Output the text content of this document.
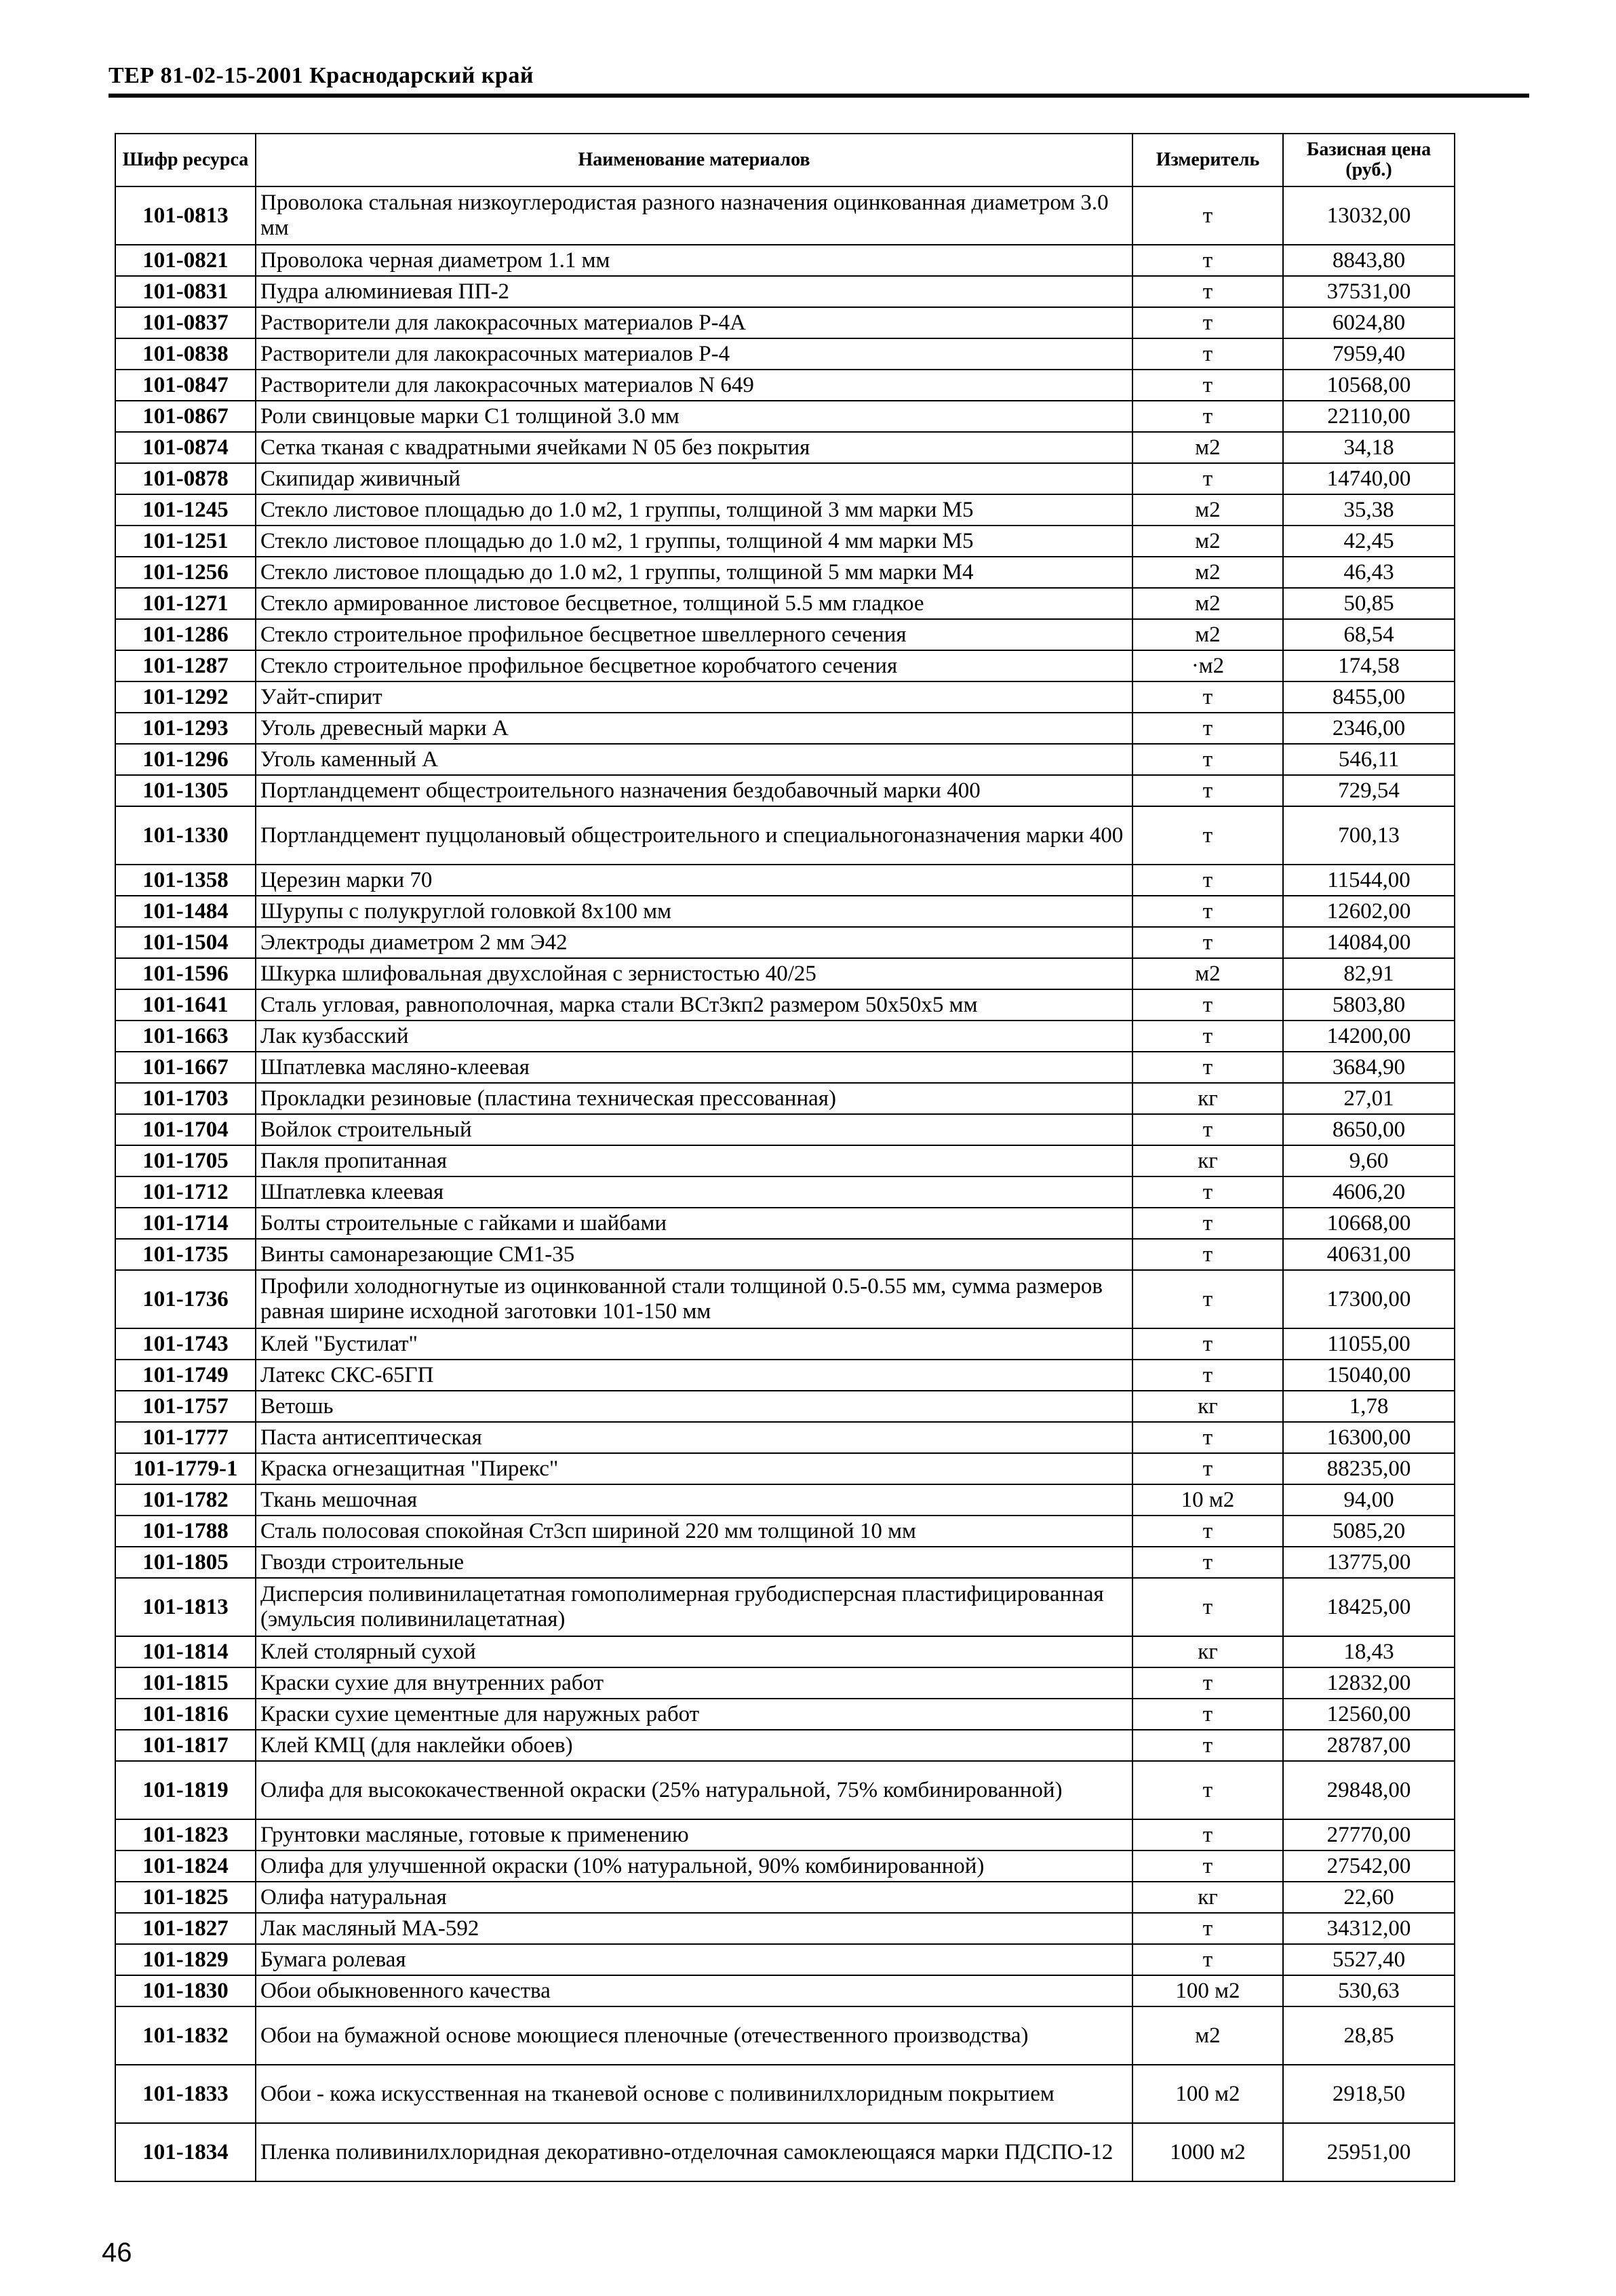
ТЕР 81-02-15-2001 Краснодарский край
Шифр ресурса	Наименование материалов	Измеритель	Базисная цена (руб.)
101-0813	Проволока стальная низкоуглеродистая разного назначения оцинкованная диаметром 3.0 мм	т	13032,00
101-0821	Проволока черная диаметром 1.1 мм	т	8843,80
101-0831	Пудра алюминиевая ПП-2	т	37531,00
101-0837	Растворители для лакокрасочных материалов Р-4А	т	6024,80
101-0838	Растворители для лакокрасочных материалов Р-4	т	7959,40
101-0847	Растворители для лакокрасочных материалов N 649	т	10568,00
101-0867	Роли свинцовые марки С1 толщиной 3.0 мм	т	22110,00
101-0874	Сетка тканая с квадратными ячейками N 05 без покрытия	м2	34,18
101-0878	Скипидар живичный	т	14740,00
101-1245	Стекло листовое площадью до 1.0 м2, 1 группы, толщиной 3 мм марки М5	м2	35,38
101-1251	Стекло листовое площадью до 1.0 м2, 1 группы, толщиной 4 мм марки М5	м2	42,45
101-1256	Стекло листовое площадью до 1.0 м2, 1 группы, толщиной 5 мм марки М4	м2	46,43
101-1271	Стекло армированное листовое бесцветное, толщиной 5.5 мм гладкое	м2	50,85
101-1286	Стекло строительное профильное бесцветное швеллерного сечения	м2	68,54
101-1287	Стекло строительное профильное бесцветное коробчатого сечения	·м2	174,58
101-1292	Уайт-спирит	т	8455,00
101-1293	Уголь древесный марки А	т	2346,00
101-1296	Уголь каменный А	т	546,11
101-1305	Портландцемент общестроительного назначения бездобавочный марки 400	т	729,54
101-1330	Портландцемент пуццолановый общестроительного и специальногоназначения марки 400	т	700,13
101-1358	Церезин марки 70	т	11544,00
101-1484	Шурупы с полукруглой головкой 8х100 мм	т	12602,00
101-1504	Электроды диаметром 2 мм Э42	т	14084,00
101-1596	Шкурка шлифовальная двухслойная с зернистостью 40/25	м2	82,91
101-1641	Сталь угловая, равнополочная, марка стали ВСт3кп2 размером 50х50х5 мм	т	5803,80
101-1663	Лак кузбасский	т	14200,00
101-1667	Шпатлевка масляно-клеевая	т	3684,90
101-1703	Прокладки резиновые (пластина техническая прессованная)	кг	27,01
101-1704	Войлок строительный	т	8650,00
101-1705	Пакля пропитанная	кг	9,60
101-1712	Шпатлевка клеевая	т	4606,20
101-1714	Болты строительные с гайками и шайбами	т	10668,00
101-1735	Винты самонарезающие СМ1-35	т	40631,00
101-1736	Профили холодногнутые из оцинкованной стали толщиной 0.5-0.55 мм, сумма размеров равная ширине исходной заготовки 101-150 мм	т	17300,00
101-1743	Клей "Бустилат"	т	11055,00
101-1749	Латекс СКС-65ГП	т	15040,00
101-1757	Ветошь	кг	1,78
101-1777	Паста антисептическая	т	16300,00
101-1779-1	Краска огнезащитная "Пирекс"	т	88235,00
101-1782	Ткань мешочная	10 м2	94,00
101-1788	Сталь полосовая спокойная Ст3сп шириной 220 мм толщиной 10 мм	т	5085,20
101-1805	Гвозди строительные	т	13775,00
101-1813	Дисперсия поливинилацетатная гомополимерная грубодисперсная пластифицированная (эмульсия поливинилацетатная)	т	18425,00
101-1814	Клей столярный сухой	кг	18,43
101-1815	Краски сухие для внутренних работ	т	12832,00
101-1816	Краски сухие цементные для наружных работ	т	12560,00
101-1817	Клей КМЦ (для наклейки обоев)	т	28787,00
101-1819	Олифа для высококачественной окраски (25% натуральной, 75% комбинированной)	т	29848,00
101-1823	Грунтовки масляные, готовые к применению	т	27770,00
101-1824	Олифа для улучшенной окраски (10% натуральной, 90% комбинированной)	т	27542,00
101-1825	Олифа натуральная	кг	22,60
101-1827	Лак масляный МА-592	т	34312,00
101-1829	Бумага ролевая	т	5527,40
101-1830	Обои обыкновенного качества	100 м2	530,63
101-1832	Обои на бумажной основе моющиеся пленочные (отечественного производства)	м2	28,85
101-1833	Обои - кожа искусственная на тканевой основе с поливинилхлоридным покрытием	100 м2	2918,50
101-1834	Пленка поливинилхлоридная декоративно-отделочная самоклеющаяся марки ПДСПО-12	1000 м2	25951,00
46
